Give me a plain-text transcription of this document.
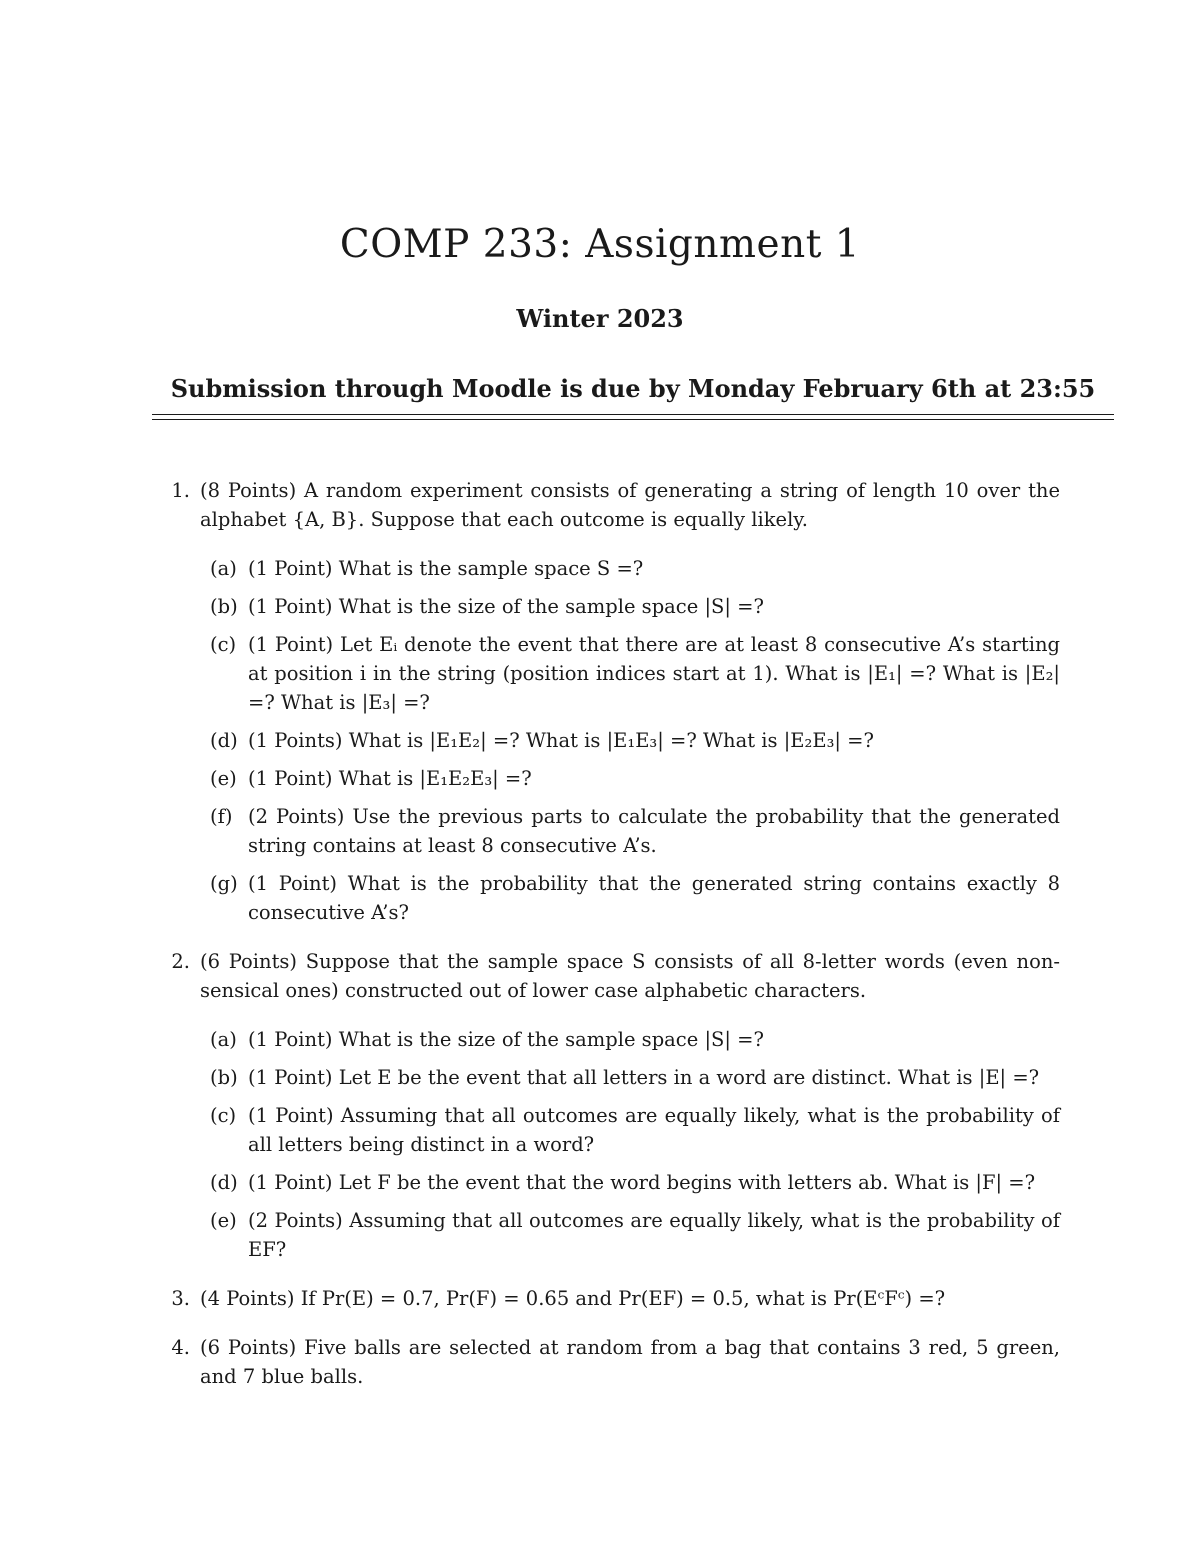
COMP 233: Assignment 1
Winter 2023
Submission through Moodle is due by Monday February 6th at 23:55
1. (8 Points) A random experiment consists of generating a string of length 10 over the alphabet {A, B}. Suppose that each outcome is equally likely.
(a) (1 Point) What is the sample space S =?
(b) (1 Point) What is the size of the sample space |S| =?
(c) (1 Point) Let Eᵢ denote the event that there are at least 8 consecutive A’s starting at position i in the string (position indices start at 1). What is |E₁| =? What is |E₂| =? What is |E₃| =?
(d) (1 Points) What is |E₁E₂| =? What is |E₁E₃| =? What is |E₂E₃| =?
(e) (1 Point) What is |E₁E₂E₃| =?
(f) (2 Points) Use the previous parts to calculate the probability that the generated string contains at least 8 consecutive A’s.
(g) (1 Point) What is the probability that the generated string contains exactly 8 consecutive A’s?
2. (6 Points) Suppose that the sample space S consists of all 8-letter words (even non-sensical ones) constructed out of lower case alphabetic characters.
(a) (1 Point) What is the size of the sample space |S| =?
(b) (1 Point) Let E be the event that all letters in a word are distinct. What is |E| =?
(c) (1 Point) Assuming that all outcomes are equally likely, what is the probability of all letters being distinct in a word?
(d) (1 Point) Let F be the event that the word begins with letters ab. What is |F| =?
(e) (2 Points) Assuming that all outcomes are equally likely, what is the probability of EF?
3. (4 Points) If Pr(E) = 0.7, Pr(F) = 0.65 and Pr(EF) = 0.5, what is Pr(EᶜFᶜ) =?
4. (6 Points) Five balls are selected at random from a bag that contains 3 red, 5 green, and 7 blue balls.
